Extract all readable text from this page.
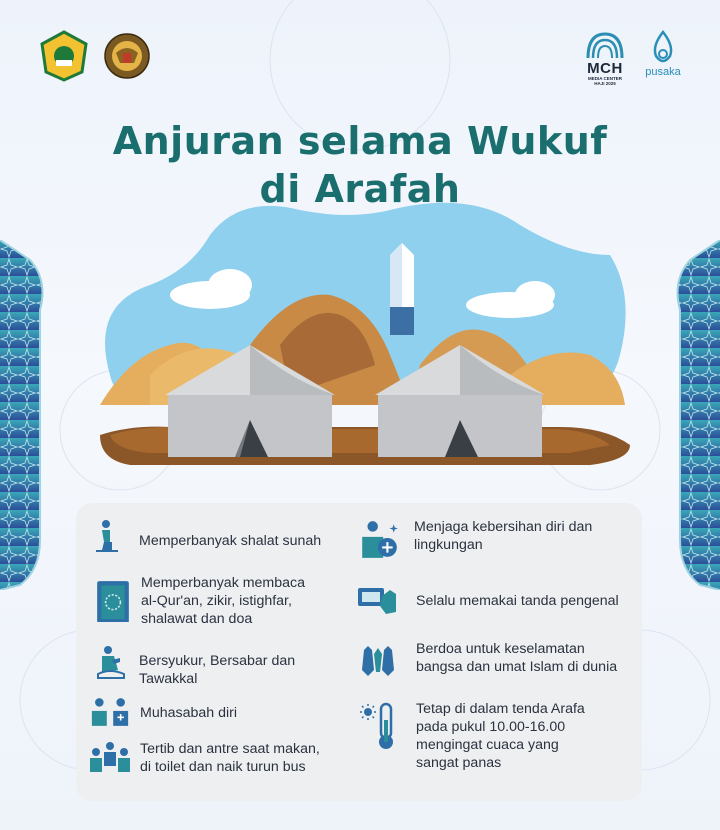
MCH
MEDIA CENTER
HAJI 2025
pusaka
Anjuran selama Wukuf
di Arafah
Memperbanyak shalat sunah
Memperbanyak membaca
al-Qur'an, zikir, istighfar,
shalawat dan doa
Bersyukur, Bersabar dan
Tawakkal
Muhasabah diri
Tertib dan antre saat makan,
di toilet dan naik turun bus
Menjaga kebersihan diri dan
lingkungan
Selalu memakai tanda pengenal
Berdoa untuk keselamatan
bangsa dan umat Islam di dunia
Tetap di dalam tenda Arafa
pada pukul 10.00-16.00
mengingat cuaca yang
sangat panas
